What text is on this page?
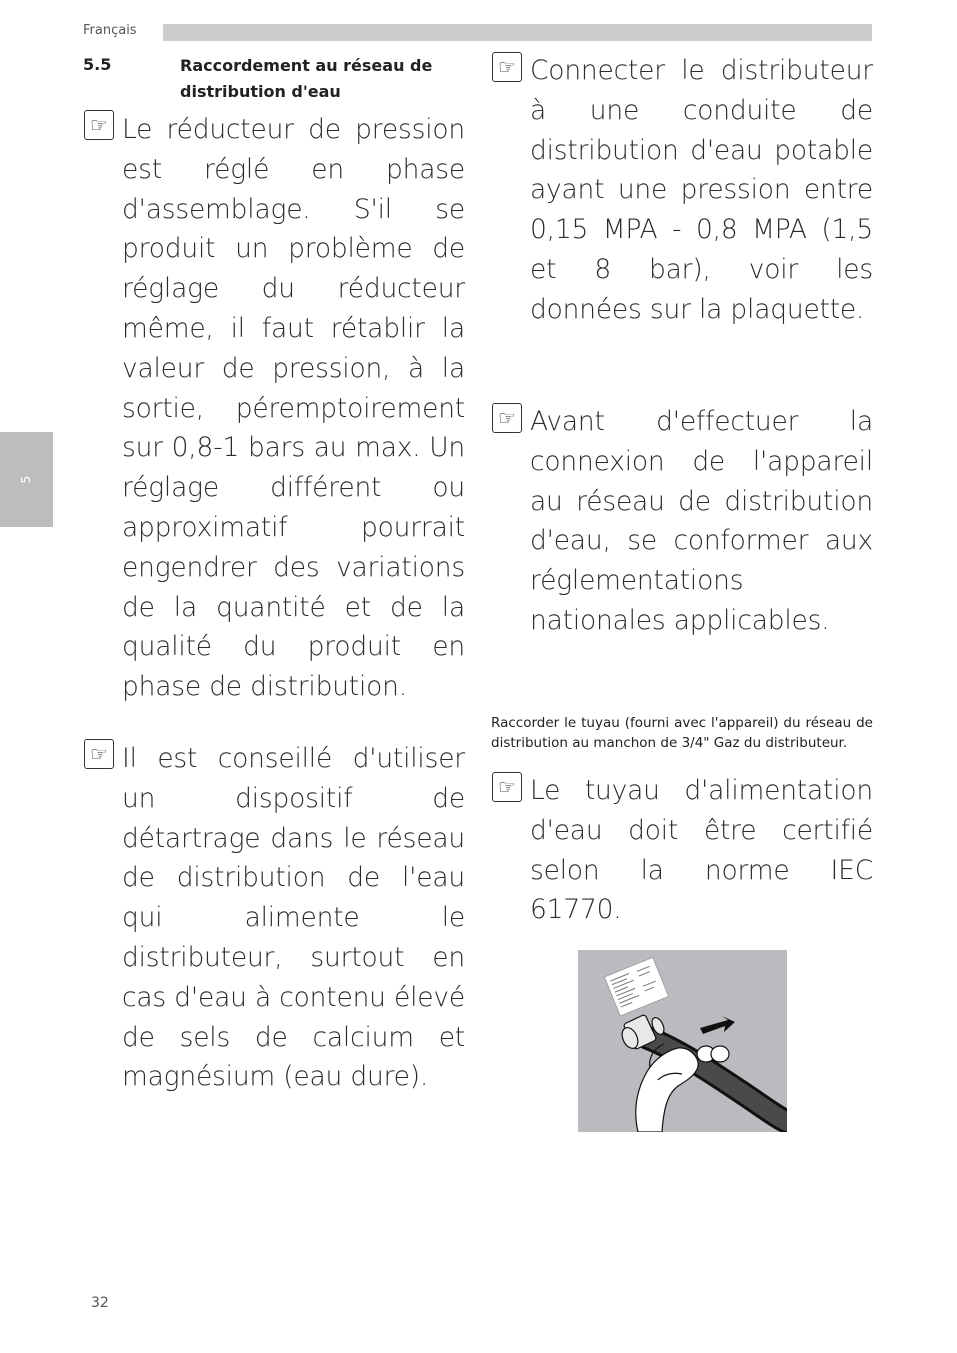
Français
5.5	Raccordement au réseau de distribution d'eau
5
☞ Le réducteur de pression est réglé en phase d'assemblage. S'il se produit un problème de réglage du réducteur même, il faut rétablir la valeur de pression, à la sortie, péremptoirement sur 0,8-1 bars au max. Un réglage différent ou approximatif pourrait engendrer des variations de la quantité et de la qualité du produit en phase de distribution.
☞ Il est conseillé d'utiliser un dispositif de détartrage dans le réseau de distribution de l'eau qui alimente le distributeur, surtout en cas d'eau à contenu élevé de sels de calcium et magnésium (eau dure).
☞ Connecter le distributeur à une conduite de distribution d'eau potable ayant une pression entre 0,15 MPA - 0,8 MPA (1,5 et 8 bar), voir les données sur la plaquette.
☞ Avant d'effectuer la connexion de l'appareil au réseau de distribution d'eau, se conformer aux réglementations nationales applicables.
Raccorder le tuyau (fourni avec l'appareil) du réseau de distribution au manchon de 3/4" Gaz du distributeur.
☞ Le tuyau d'alimentation d'eau doit être certifié selon la norme IEC 61770.
32
